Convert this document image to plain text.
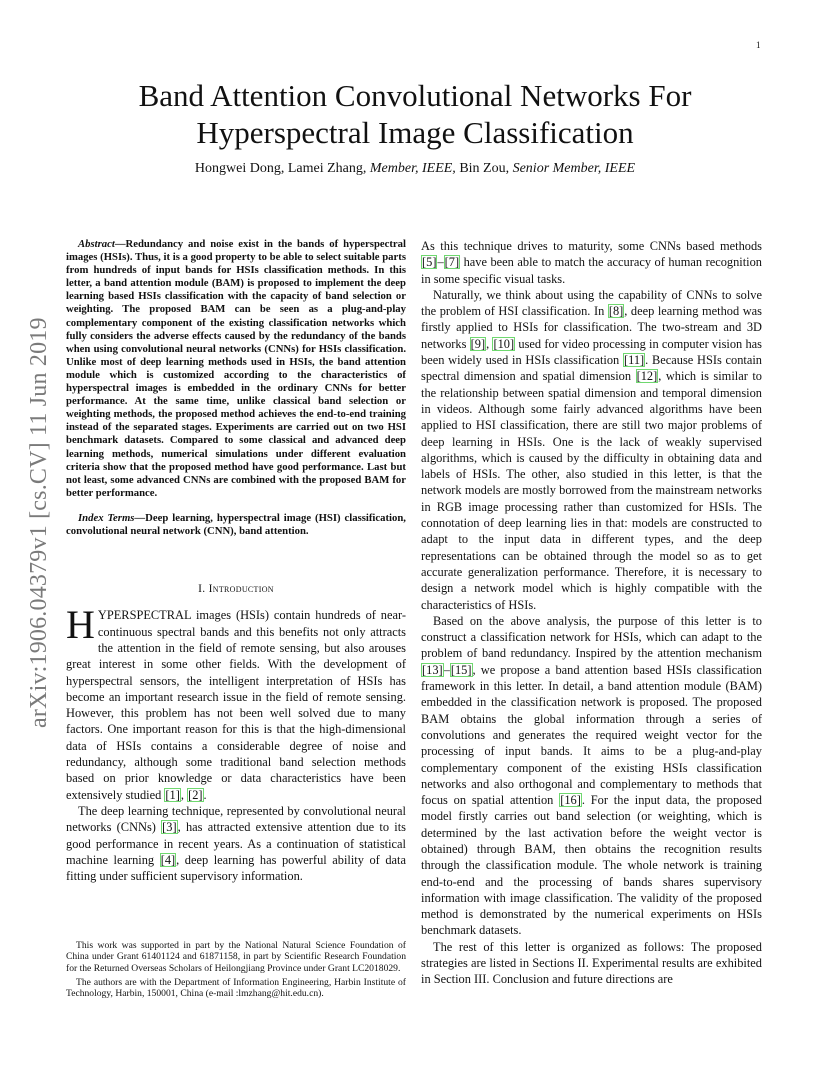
1
arXiv:1906.04379v1 [cs.CV] 11 Jun 2019
Band Attention Convolutional Networks For Hyperspectral Image Classification
Hongwei Dong, Lamei Zhang, Member, IEEE, Bin Zou, Senior Member, IEEE

Abstract—Redundancy and noise exist in the bands of hyperspectral images (HSIs). Thus, it is a good property to be able to select suitable parts from hundreds of input bands for HSIs classification methods. In this letter, a band attention module (BAM) is proposed to implement the deep learning based HSIs classification with the capacity of band selection or weighting. The proposed BAM can be seen as a plug-and-play complementary component of the existing classification networks which fully considers the adverse effects caused by the redundancy of the bands when using convolutional neural networks (CNNs) for HSIs classification. Unlike most of deep learning methods used in HSIs, the band attention module which is customized according to the characteristics of hyperspectral images is embedded in the ordinary CNNs for better performance. At the same time, unlike classical band selection or weighting methods, the proposed method achieves the end-to-end training instead of the separated stages. Experiments are carried out on two HSI benchmark datasets. Compared to some classical and advanced deep learning methods, numerical simulations under different evaluation criteria show that the proposed method have good performance. Last but not least, some advanced CNNs are combined with the proposed BAM for better performance.

Index Terms—Deep learning, hyperspectral image (HSI) classification, convolutional neural network (CNN), band attention.

I. Introduction

HYPERSPECTRAL images (HSIs) contain hundreds of near-continuous spectral bands and this benefits not only attracts the attention in the field of remote sensing, but also arouses great interest in some other fields. With the development of hyperspectral sensors, the intelligent interpretation of HSIs has become an important research issue in the field of remote sensing. However, this problem has not been well solved due to many factors. One important reason for this is that the high-dimensional data of HSIs contains a considerable degree of noise and redundancy, although some traditional band selection methods based on prior knowledge or data characteristics have been extensively studied [1], [2].

The deep learning technique, represented by convolutional neural networks (CNNs) [3], has attracted extensive attention due to its good performance in recent years. As a continuation of statistical machine learning [4], deep learning has powerful ability of data fitting under sufficient supervisory information.

This work was supported in part by the National Natural Science Foundation of China under Grant 61401124 and 61871158, in part by Scientific Research Foundation for the Returned Overseas Scholars of Heilongjiang Province under Grant LC2018029.

The authors are with the Department of Information Engineering, Harbin Institute of Technology, Harbin, 150001, China (e-mail :lmzhang@hit.edu.cn).

As this technique drives to maturity, some CNNs based methods [5]–[7] have been able to match the accuracy of human recognition in some specific visual tasks.

Naturally, we think about using the capability of CNNs to solve the problem of HSI classification. In [8], deep learning method was firstly applied to HSIs for classification. The two-stream and 3D networks [9], [10] used for video processing in computer vision has been widely used in HSIs classification [11]. Because HSIs contain spectral dimension and spatial dimension [12], which is similar to the relationship between spatial dimension and temporal dimension in videos. Although some fairly advanced algorithms have been applied to HSI classification, there are still two major problems of deep learning in HSIs. One is the lack of weakly supervised algorithms, which is caused by the difficulty in obtaining data and labels of HSIs. The other, also studied in this letter, is that the network models are mostly borrowed from the mainstream networks in RGB image processing rather than customized for HSIs. The connotation of deep learning lies in that: models are constructed to adapt to the input data in different types, and the deep representations can be obtained through the model so as to get accurate generalization performance. Therefore, it is necessary to design a network model which is highly compatible with the characteristics of HSIs.

Based on the above analysis, the purpose of this letter is to construct a classification network for HSIs, which can adapt to the problem of band redundancy. Inspired by the attention mechanism [13]–[15], we propose a band attention based HSIs classification framework in this letter. In detail, a band attention module (BAM) embedded in the classification network is proposed. The proposed BAM obtains the global information through a series of convolutions and generates the required weight vector for the processing of input bands. It aims to be a plug-and-play complementary component of the existing HSIs classification networks and also orthogonal and complementary to methods that focus on spatial attention [16]. For the input data, the proposed model firstly carries out band selection (or weighting, which is determined by the last activation before the weight vector is obtained) through BAM, then obtains the recognition results through the classification module. The whole network is training end-to-end and the processing of bands shares supervisory information with image classification. The validity of the proposed method is demonstrated by the numerical experiments on HSIs benchmark datasets.

The rest of this letter is organized as follows: The proposed strategies are listed in Sections II. Experimental results are exhibited in Section III. Conclusion and future directions are
